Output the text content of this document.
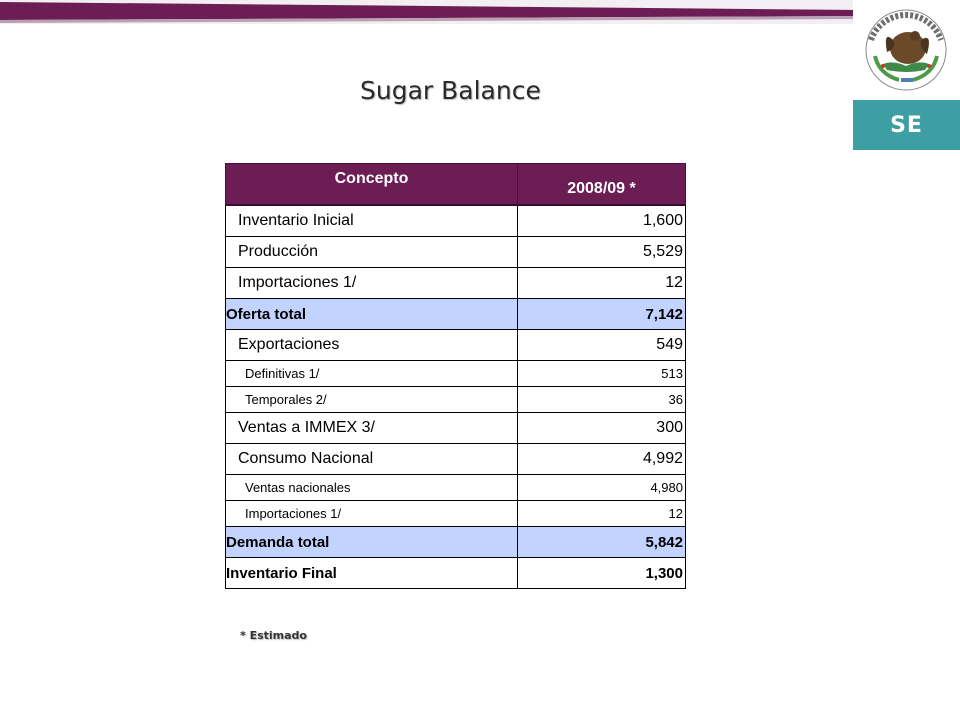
SE
Sugar Balance
Concepto	2008/09 *
Inventario Inicial	1,600
Producción	5,529
Importaciones 1/	12
Oferta total	7,142
Exportaciones	549
Definitivas 1/	513
Temporales 2/	36
Ventas a IMMEX 3/	300
Consumo Nacional	4,992
Ventas nacionales	4,980
Importaciones 1/	12
Demanda total	5,842
Inventario Final	1,300
* Estimado
